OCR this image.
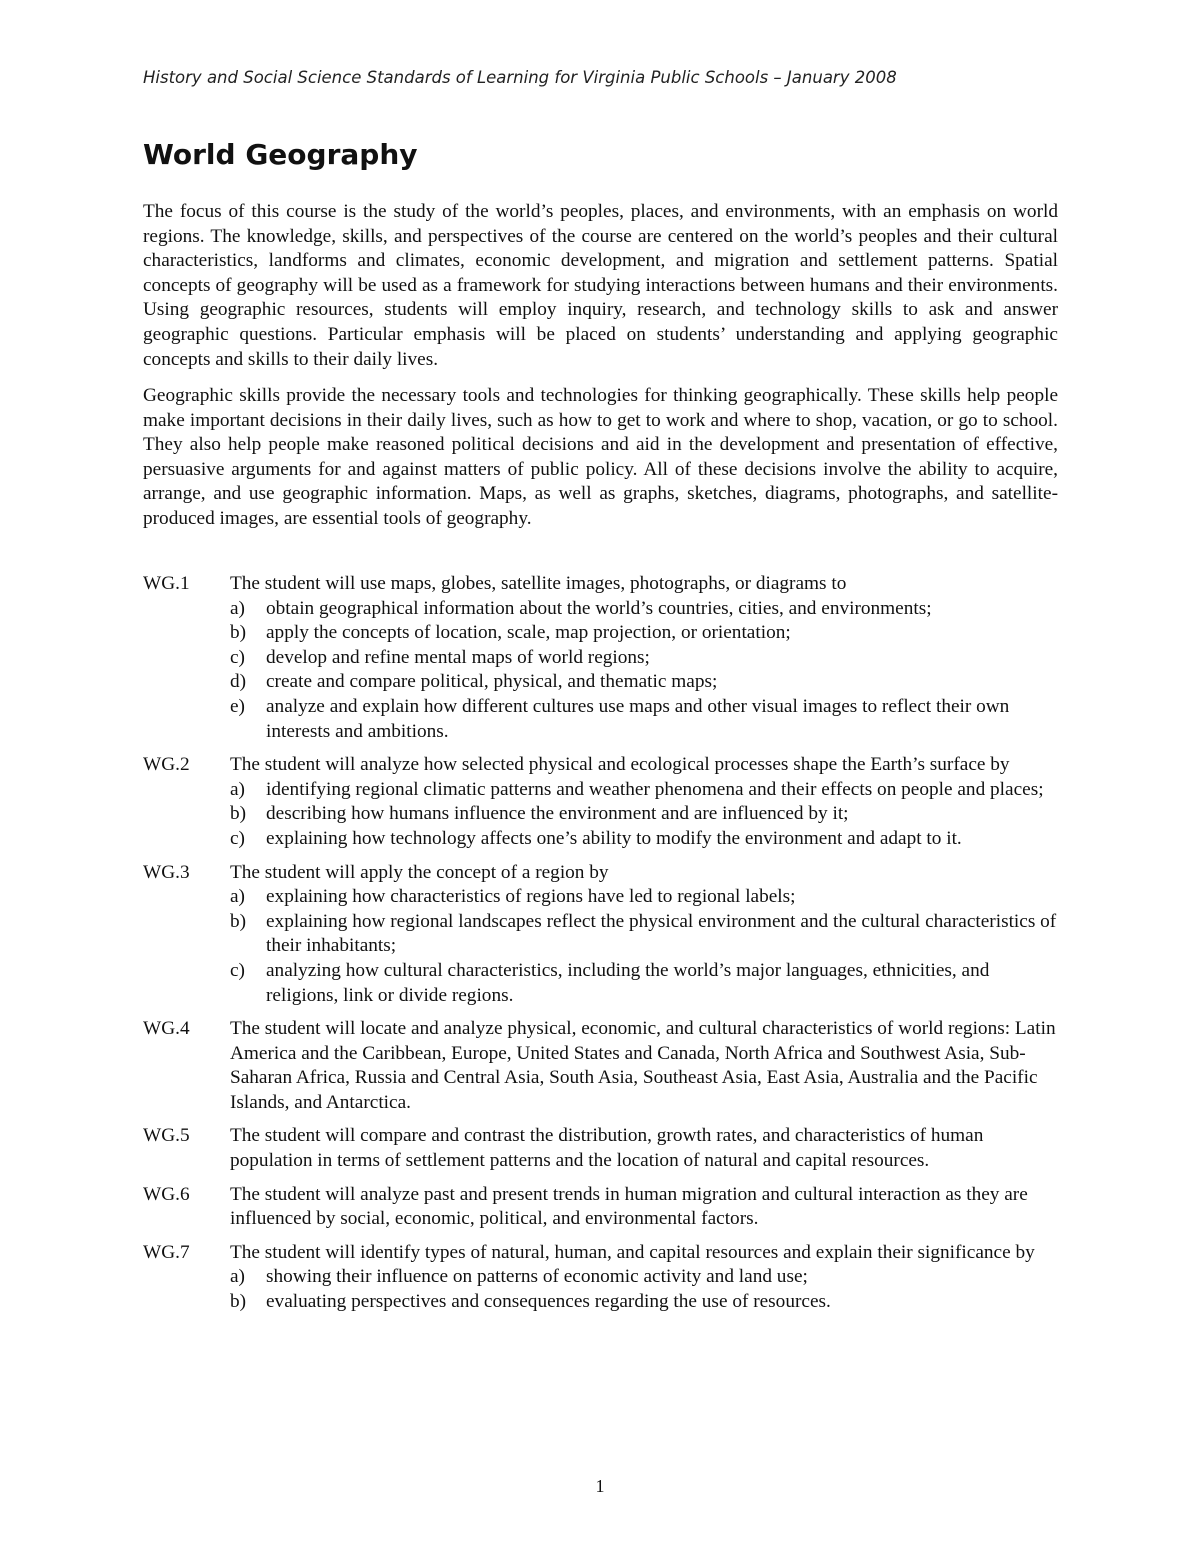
History and Social Science Standards of Learning for Virginia Public Schools – January 2008
World Geography

The focus of this course is the study of the world’s peoples, places, and environments, with an emphasis on world regions. The knowledge, skills, and perspectives of the course are centered on the world’s peoples and their cultural characteristics, landforms and climates, economic development, and migration and settlement patterns. Spatial concepts of geography will be used as a framework for studying interactions between humans and their environments. Using geographic resources, students will employ inquiry, research, and technology skills to ask and answer geographic questions. Particular emphasis will be placed on students’ understanding and applying geographic concepts and skills to their daily lives.

Geographic skills provide the necessary tools and technologies for thinking geographically. These skills help people make important decisions in their daily lives, such as how to get to work and where to shop, vacation, or go to school. They also help people make reasoned political decisions and aid in the development and presentation of effective, persuasive arguments for and against matters of public policy. All of these decisions involve the ability to acquire, arrange, and use geographic information. Maps, as well as graphs, sketches, diagrams, photographs, and satellite-produced images, are essential tools of geography.

WG.1	The student will use maps, globes, satellite images, photographs, or diagrams to
a) obtain geographical information about the world’s countries, cities, and environments;
b) apply the concepts of location, scale, map projection, or orientation;
c) develop and refine mental maps of world regions;
d) create and compare political, physical, and thematic maps;
e) analyze and explain how different cultures use maps and other visual images to reflect their own interests and ambitions.
WG.2	The student will analyze how selected physical and ecological processes shape the Earth’s surface by
a) identifying regional climatic patterns and weather phenomena and their effects on people and places;
b) describing how humans influence the environment and are influenced by it;
c) explaining how technology affects one’s ability to modify the environment and adapt to it.
WG.3	The student will apply the concept of a region by
a) explaining how characteristics of regions have led to regional labels;
b) explaining how regional landscapes reflect the physical environment and the cultural characteristics of their inhabitants;
c) analyzing how cultural characteristics, including the world’s major languages, ethnicities, and religions, link or divide regions.
WG.4	The student will locate and analyze physical, economic, and cultural characteristics of world regions: Latin America and the Caribbean, Europe, United States and Canada, North Africa and Southwest Asia, Sub-Saharan Africa, Russia and Central Asia, South Asia, Southeast Asia, East Asia, Australia and the Pacific Islands, and Antarctica.
WG.5	The student will compare and contrast the distribution, growth rates, and characteristics of human population in terms of settlement patterns and the location of natural and capital resources.
WG.6	The student will analyze past and present trends in human migration and cultural interaction as they are influenced by social, economic, political, and environmental factors.
WG.7	The student will identify types of natural, human, and capital resources and explain their significance by
a) showing their influence on patterns of economic activity and land use;
b) evaluating perspectives and consequences regarding the use of resources.
1
